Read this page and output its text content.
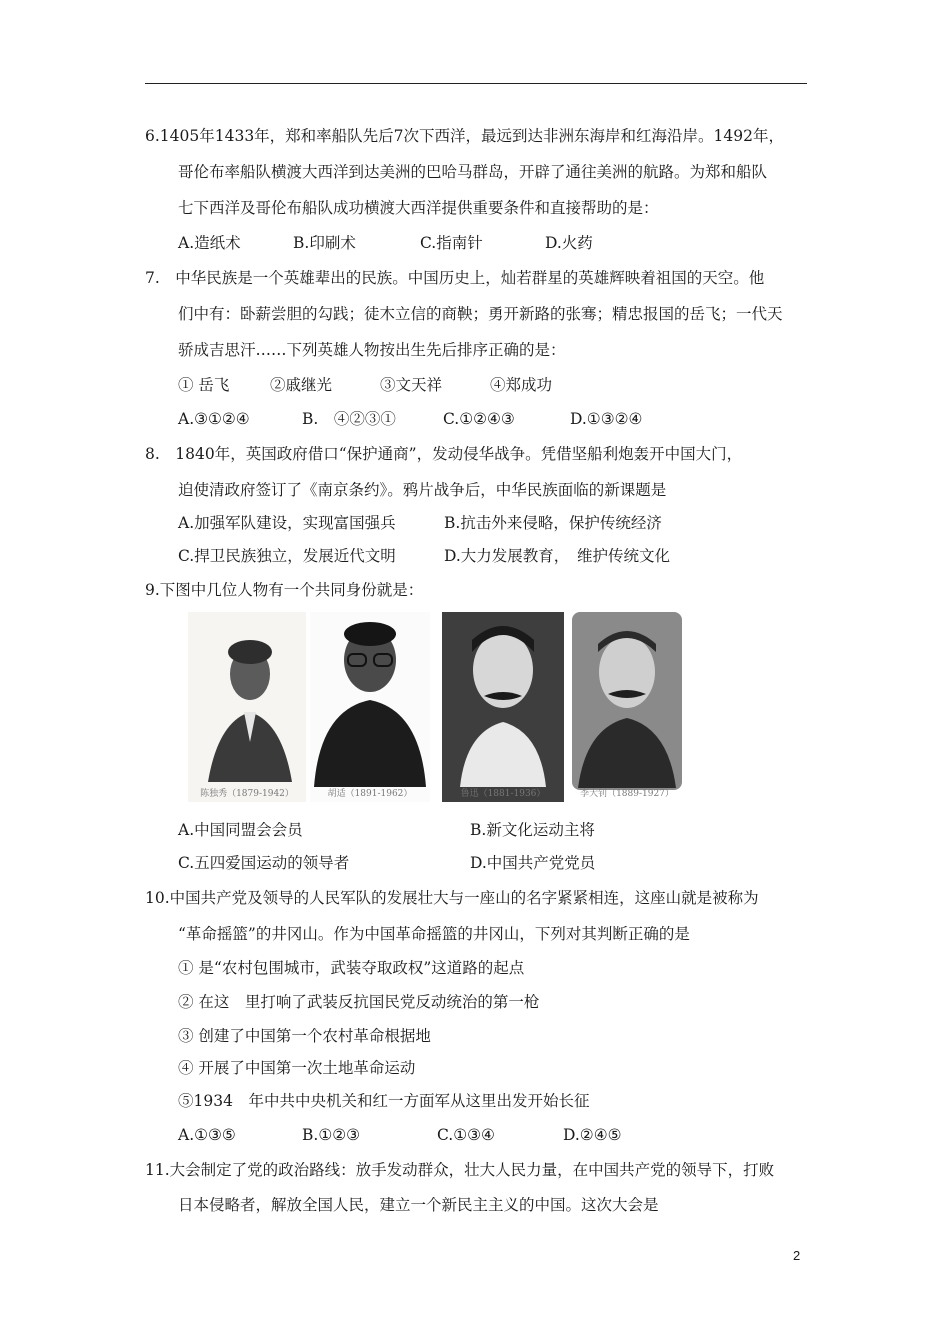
6.1405年1433年，郑和率船队先后7次下西洋，最远到达非洲东海岸和红海沿岸。1492年，
哥伦布率船队横渡大西洋到达美洲的巴哈马群岛，开辟了通往美洲的航路。为郑和船队
七下西洋及哥伦布船队成功横渡大西洋提供重要条件和直接帮助的是：
A.造纸术	B.印刷术	C.指南针	D.火药
7.　中华民族是一个英雄辈出的民族。中国历史上，灿若群星的英雄辉映着祖国的天空。他
们中有：卧薪尝胆的勾践；徒木立信的商鞅；勇开新路的张骞；精忠报国的岳飞；一代天
骄成吉思汗……下列英雄人物按出生先后排序正确的是：
① 岳飞	②戚继光	③文天祥	④郑成功
A.③①②④	B.　④②③①	C.①②④③	D.①③②④
8.　1840年，英国政府借口“保护通商”，发动侵华战争。凭借坚船利炮轰开中国大门，
迫使清政府签订了《南京条约》。鸦片战争后，中华民族面临的新课题是
A.加强军队建设，实现富国强兵	B.抗击外来侵略，保护传统经济
C.捍卫民族独立，发展近代文明	D.大力发展教育，　维护传统文化
9.下图中几位人物有一个共同身份就是：
陈独秀（1879-1942）	胡适（1891-1962）	鲁迅（1881-1936）	李大钊（1889-1927）
A.中国同盟会会员	B.新文化运动主将
C.五四爱国运动的领导者	D.中国共产党党员
10.中国共产党及领导的人民军队的发展壮大与一座山的名字紧紧相连，这座山就是被称为
“革命摇篮”的井冈山。作为中国革命摇篮的井冈山，下列对其判断正确的是
① 是“农村包围城市，武装夺取政权”这道路的起点
② 在这　里打响了武装反抗国民党反动统治的第一枪
③ 创建了中国第一个农村革命根据地
④ 开展了中国第一次土地革命运动
⑤1934　年中共中央机关和红一方面军从这里出发开始长征
A.①③⑤	B.①②③	C.①③④	D.②④⑤
11.大会制定了党的政治路线：放手发动群众，壮大人民力量，在中国共产党的领导下，打败
日本侵略者，解放全国人民，建立一个新民主主义的中国。这次大会是
2
